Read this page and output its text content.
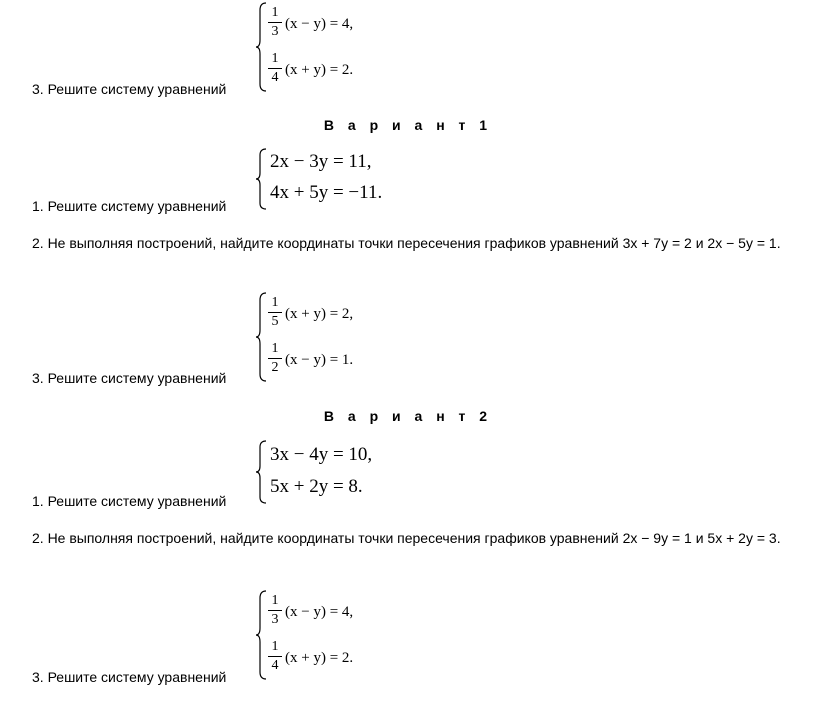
3. Решите систему уравнений
1
3 (x − y) = 4,
1
4 (x + y) = 2.
В а р и а н т 1
1. Решите систему уравнений
2x − 3y = 11,
4x + 5y = −11.
2. Не выполняя построений, найдите координаты точки пересечения графиков уравнений 3x + 7y = 2 и 2x − 5y = 1.
3. Решите систему уравнений
1
5 (x + y) = 2,
1
2 (x − y) = 1.
В а р и а н т 2
1. Решите систему уравнений
3x − 4y = 10,
5x + 2y = 8.
2. Не выполняя построений, найдите координаты точки пересечения графиков уравнений 2x − 9y = 1 и 5x + 2y = 3.
3. Решите систему уравнений
1
3 (x − y) = 4,
1
4 (x + y) = 2.
